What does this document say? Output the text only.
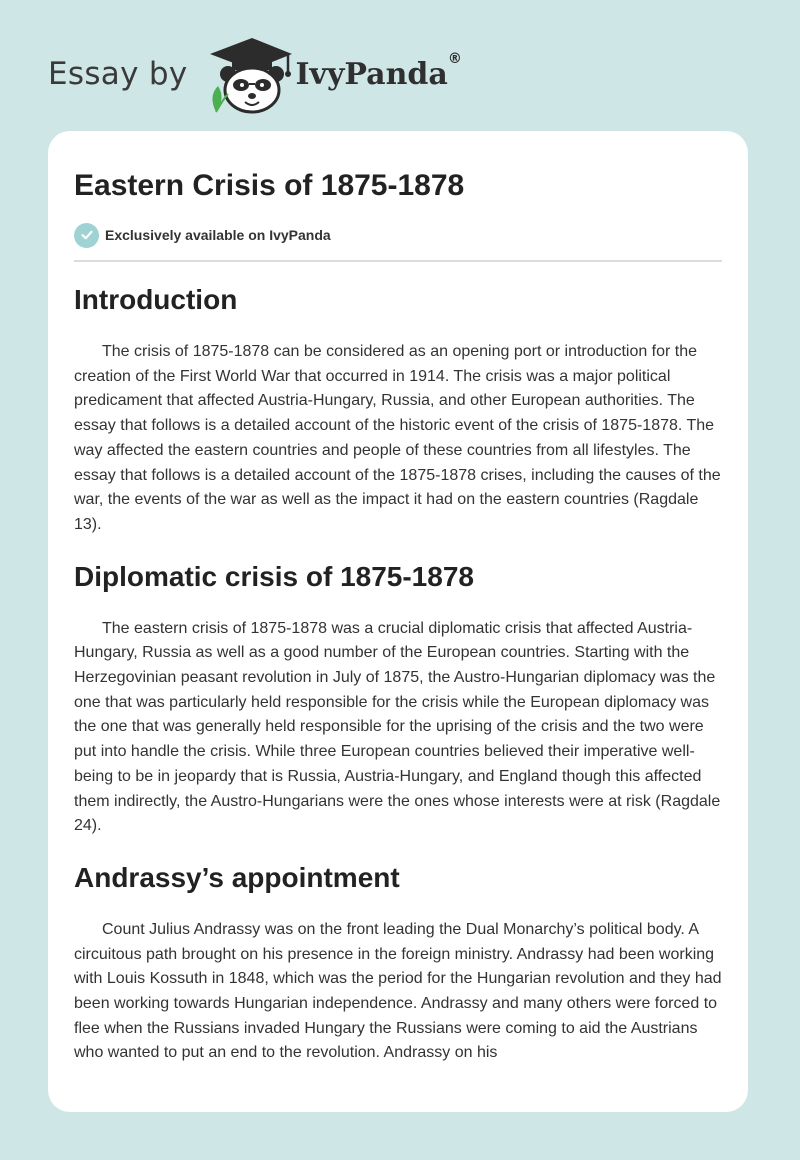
Essay by	IvyPanda®
Eastern Crisis of 1875-1878
Exclusively available on IvyPanda
Introduction

The crisis of 1875-1878 can be considered as an opening port or introduction for the creation of the First World War that occurred in 1914. The crisis was a major political predicament that affected Austria-Hungary, Russia, and other European authorities. The essay that follows is a detailed account of the historic event of the crisis of 1875-1878. The way affected the eastern countries and people of these countries from all lifestyles. The essay that follows is a detailed account of the 1875-1878 crises, including the causes of the war, the events of the war as well as the impact it had on the eastern countries (Ragdale 13).

Diplomatic crisis of 1875-1878

The eastern crisis of 1875-1878 was a crucial diplomatic crisis that affected Austria-Hungary, Russia as well as a good number of the European countries. Starting with the Herzegovinian peasant revolution in July of 1875, the Austro-Hungarian diplomacy was the one that was particularly held responsible for the crisis while the European diplomacy was the one that was generally held responsible for the uprising of the crisis and the two were put into handle the crisis. While three European countries believed their imperative well-being to be in jeopardy that is Russia, Austria-Hungary, and England though this affected them indirectly, the Austro-Hungarians were the ones whose interests were at risk (Ragdale 24).

Andrassy’s appointment

Count Julius Andrassy was on the front leading the Dual Monarchy’s political body. A circuitous path brought on his presence in the foreign ministry. Andrassy had been working with Louis Kossuth in 1848, which was the period for the Hungarian revolution and they had been working towards Hungarian independence. Andrassy and many others were forced to flee when the Russians invaded Hungary the Russians were coming to aid the Austrians who wanted to put an end to the revolution. Andrassy on his
